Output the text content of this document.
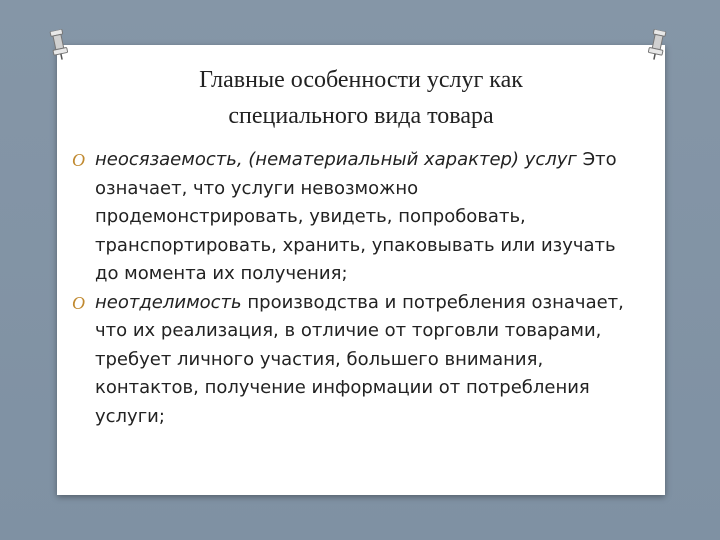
Главные особенности услуг как
специального вида товара
O неосязаемость, (нематериальный характер) услуг Это означает, что услуги невозможно продемонстрировать, увидеть, попробовать, транспортировать, хранить, упаковывать или изучать до момента их получения;
O неотделимость производства и потребления означает, что их реализация, в отличие от торговли товарами, требует личного участия, большего внимания, контактов, получение информации от потребления услуги;
